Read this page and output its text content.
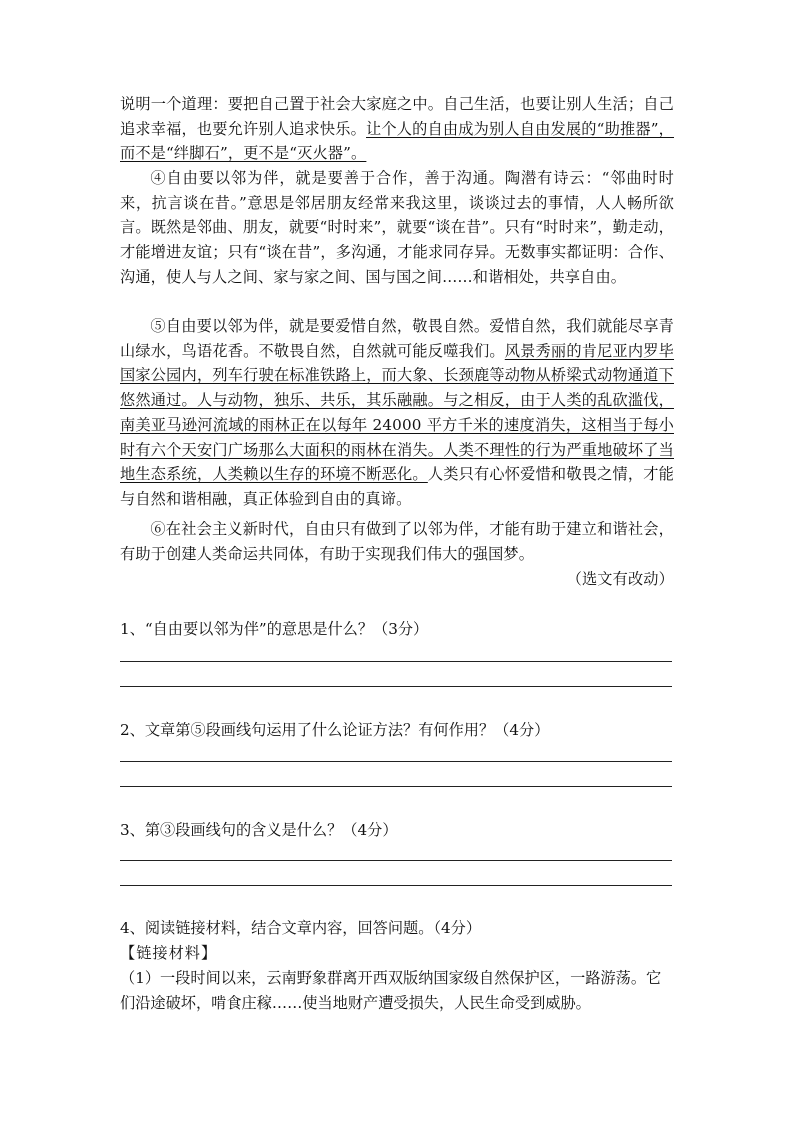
说明一个道理：要把自己置于社会大家庭之中。自己生活，也要让别人生活；自己追求幸福，也要允许别人追求快乐。让个人的自由成为别人自由发展的“助推器”，而不是“绊脚石”，更不是“灭火器”。
④自由要以邻为伴，就是要善于合作，善于沟通。陶潜有诗云：“邻曲时时来，抗言谈在昔。”意思是邻居朋友经常来我这里，谈谈过去的事情，人人畅所欲言。既然是邻曲、朋友，就要“时时来”，就要“谈在昔”。只有“时时来”，勤走动，才能增进友谊；只有“谈在昔”，多沟通，才能求同存异。无数事实都证明：合作、沟通，使人与人之间、家与家之间、国与国之间……和谐相处，共享自由。
⑤自由要以邻为伴，就是要爱惜自然，敬畏自然。爱惜自然，我们就能尽享青山绿水，鸟语花香。不敬畏自然，自然就可能反噬我们。风景秀丽的肯尼亚内罗毕国家公园内，列车行驶在标准铁路上，而大象、长颈鹿等动物从桥梁式动物通道下悠然通过。人与动物，独乐、共乐，其乐融融。与之相反，由于人类的乱砍滥伐，南美亚马逊河流域的雨林正在以每年 24000 平方千米的速度消失，这相当于每小时有六个天安门广场那么大面积的雨林在消失。人类不理性的行为严重地破坏了当地生态系统，人类赖以生存的环境不断恶化。人类只有心怀爱惜和敬畏之情，才能与自然和谐相融，真正体验到自由的真谛。
⑥在社会主义新时代，自由只有做到了以邻为伴，才能有助于建立和谐社会，有助于创建人类命运共同体，有助于实现我们伟大的强国梦。
（选文有改动）
1、“自由要以邻为伴”的意思是什么？（3分）
2、文章第⑤段画线句运用了什么论证方法？有何作用？（4分）
3、第③段画线句的含义是什么？（4分）
4、阅读链接材料，结合文章内容，回答问题。（4分）
【链接材料】
（1）一段时间以来，云南野象群离开西双版纳国家级自然保护区，一路游荡。它们沿途破坏，啃食庄稼……使当地财产遭受损失，人民生命受到威胁。
